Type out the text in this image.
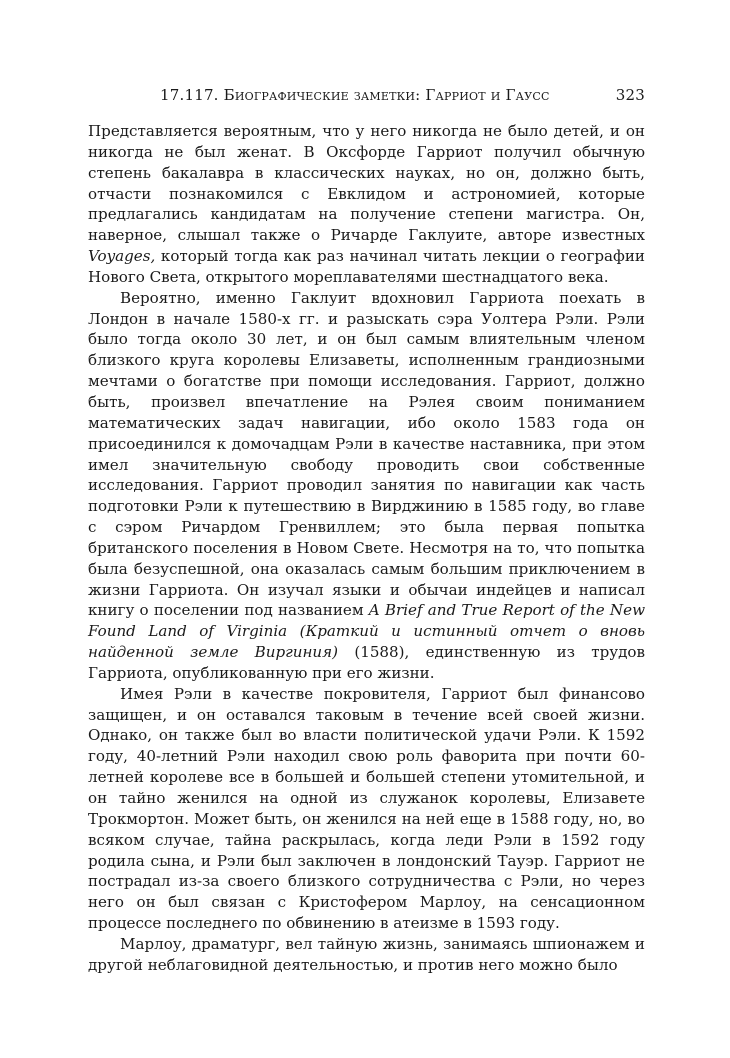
17.117. Биографические заметки: Гарриот и Гаусс	323

Представляется вероятным, что у него никогда не было детей, и он никогда не был женат. В Оксфорде Гарриот получил обычную степень бакалавра в классических науках, но он, должно быть, отчасти познакомился с Евклидом и астрономией, которые предлагались кандидатам на получение степени магистра. Он, наверное, слышал также о Ричарде Гаклуите, авторе известных Voyages, который тогда как раз начинал читать лекции о географии Нового Света, открытого мореплавателями шестнадцатого века.

Вероятно, именно Гаклуит вдохновил Гарриота поехать в Лондон в начале 1580-х гг. и разыскать сэра Уолтера Рэли. Рэли было тогда около 30 лет, и он был самым влиятельным членом близкого круга королевы Елизаветы, исполненным грандиозными мечтами о богатстве при помощи исследования. Гарриот, должно быть, произвел впечатление на Рэлея своим пониманием математических задач навигации, ибо около 1583 года он присоединился к домочадцам Рэли в качестве наставника, при этом имел значительную свободу проводить свои собственные исследования. Гарриот проводил занятия по навигации как часть подготовки Рэли к путешествию в Вирджинию в 1585 году, во главе с сэром Ричардом Гренвиллем; это была первая попытка британского поселения в Новом Свете. Несмотря на то, что попытка была безуспешной, она оказалась самым большим приключением в жизни Гарриота. Он изучал языки и обычаи индейцев и написал книгу о поселении под названием A Brief and True Report of the New Found Land of Virginia (Краткий и истинный отчет о вновь найденной земле Виргиния) (1588), единственную из трудов Гарриота, опубликованную при его жизни.

Имея Рэли в качестве покровителя, Гарриот был финансово защищен, и он оставался таковым в течение всей своей жизни. Однако, он также был во власти политической удачи Рэли. К 1592 году, 40-летний Рэли находил свою роль фаворита при почти 60-летней королеве все в большей и большей степени утомительной, и он тайно женился на одной из служанок королевы, Елизавете Трокмортон. Может быть, он женился на ней еще в 1588 году, но, во всяком случае, тайна раскрылась, когда леди Рэли в 1592 году родила сына, и Рэли был заключен в лондонский Тауэр. Гарриот не пострадал из-за своего близкого сотрудничества с Рэли, но через него он был связан с Кристофером Марлоу, на сенсационном процессе последнего по обвинению в атеизме в 1593 году.

Марлоу, драматург, вел тайную жизнь, занимаясь шпионажем и другой неблаговидной деятельностью, и против него можно было
